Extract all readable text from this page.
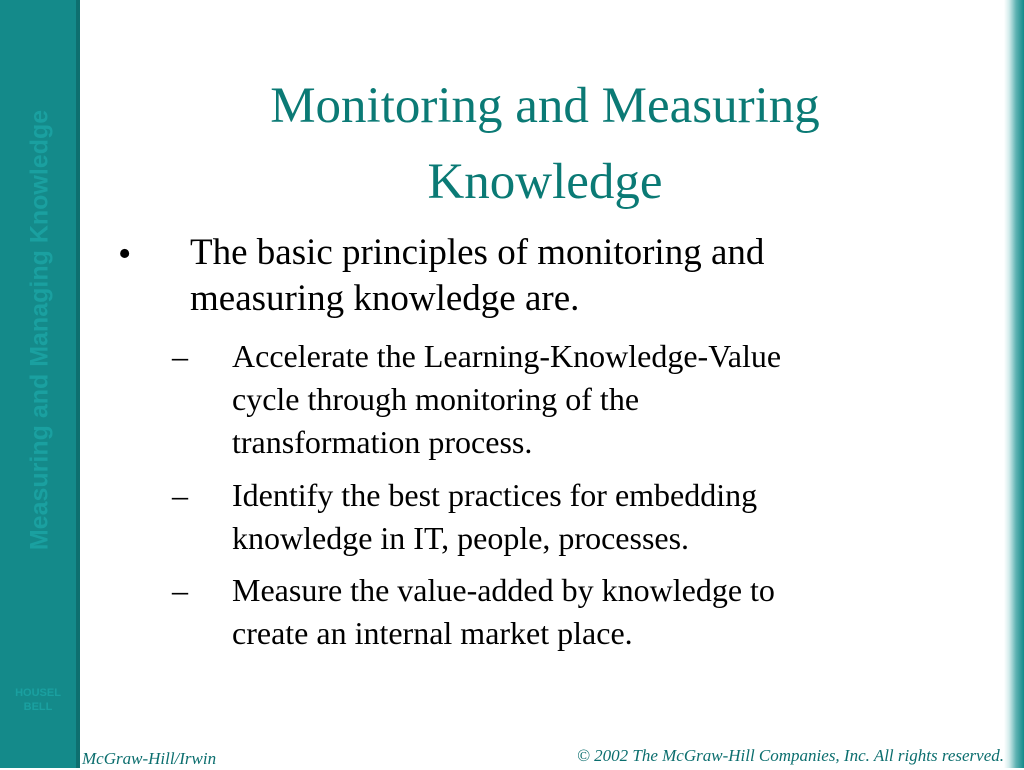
Measuring and Managing Knowledge
HOUSEL
BELL
Monitoring and Measuring
Knowledge
• The basic principles of monitoring and
measuring knowledge are.
– Accelerate the Learning-Knowledge-Value
cycle through monitoring of the
transformation process.
– Identify the best practices for embedding
knowledge in IT, people, processes.
– Measure the value-added by knowledge to
create an internal market place.
McGraw-Hill/Irwin	© 2002 The McGraw-Hill Companies, Inc. All rights reserved.
